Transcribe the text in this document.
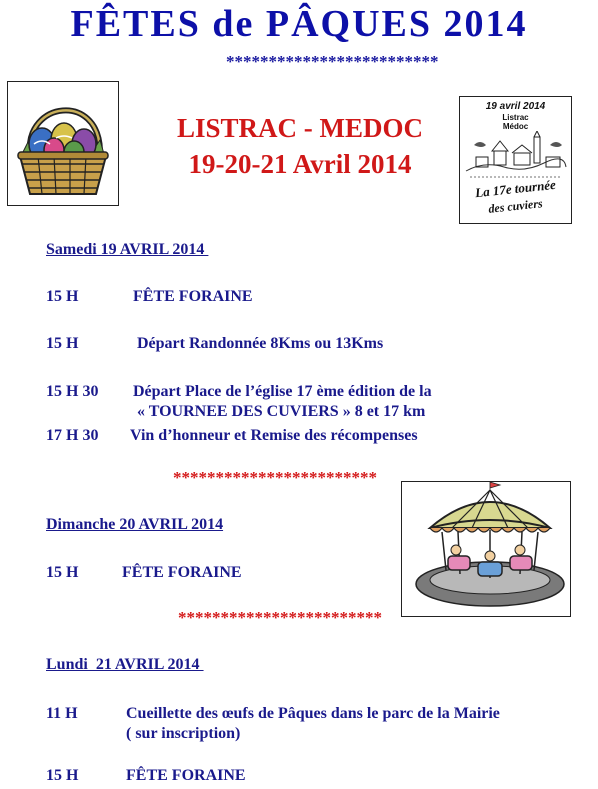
FÊTES de PÂQUES 2014
*************************
LISTRAC - MEDOC
19-20-21 Avril 2014
19 avril 2014
Listrac
Médoc
La 17e tournée
des cuviers
Samedi 19 AVRIL 2014
15 H	FÊTE FORAINE
15 H	Départ Randonnée 8Kms ou 13Kms
15 H 30 Départ Place de l’église 17 ème édition de la
« TOURNEE DES CUVIERS » 8 et 17 km
17 H 30 Vin d’honneur et Remise des récompenses
************************
Dimanche 20 AVRIL 2014
15 H	FÊTE FORAINE
************************
Lundi  21 AVRIL 2014
11 H	Cueillette des œufs de Pâques dans le parc de la Mairie
( sur inscription)
15 H	FÊTE FORAINE
